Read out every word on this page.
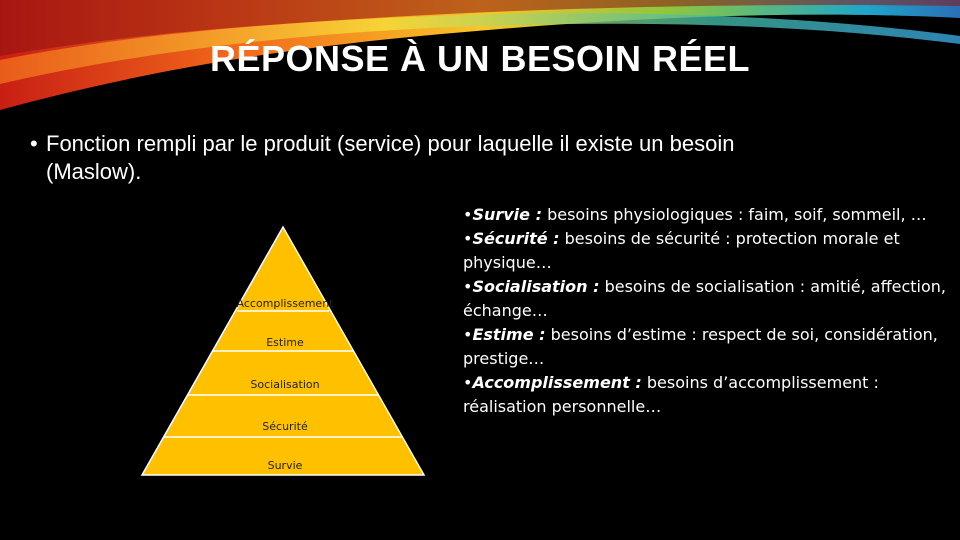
RÉPONSE À UN BESOIN RÉEL
• Fonction rempli par le produit (service) pour laquelle il existe un besoin (Maslow).
Accomplissement
Estime
Socialisation
Sécurité
Survie

•Survie : besoins physiologiques : faim, soif, sommeil, …

•Sécurité : besoins de sécurité : protection morale et physique…

•Socialisation : besoins de socialisation : amitié, affection, échange…

•Estime : besoins d’estime : respect de soi, considération, prestige…

•Accomplissement : besoins d’accomplissement : réalisation personnelle…
